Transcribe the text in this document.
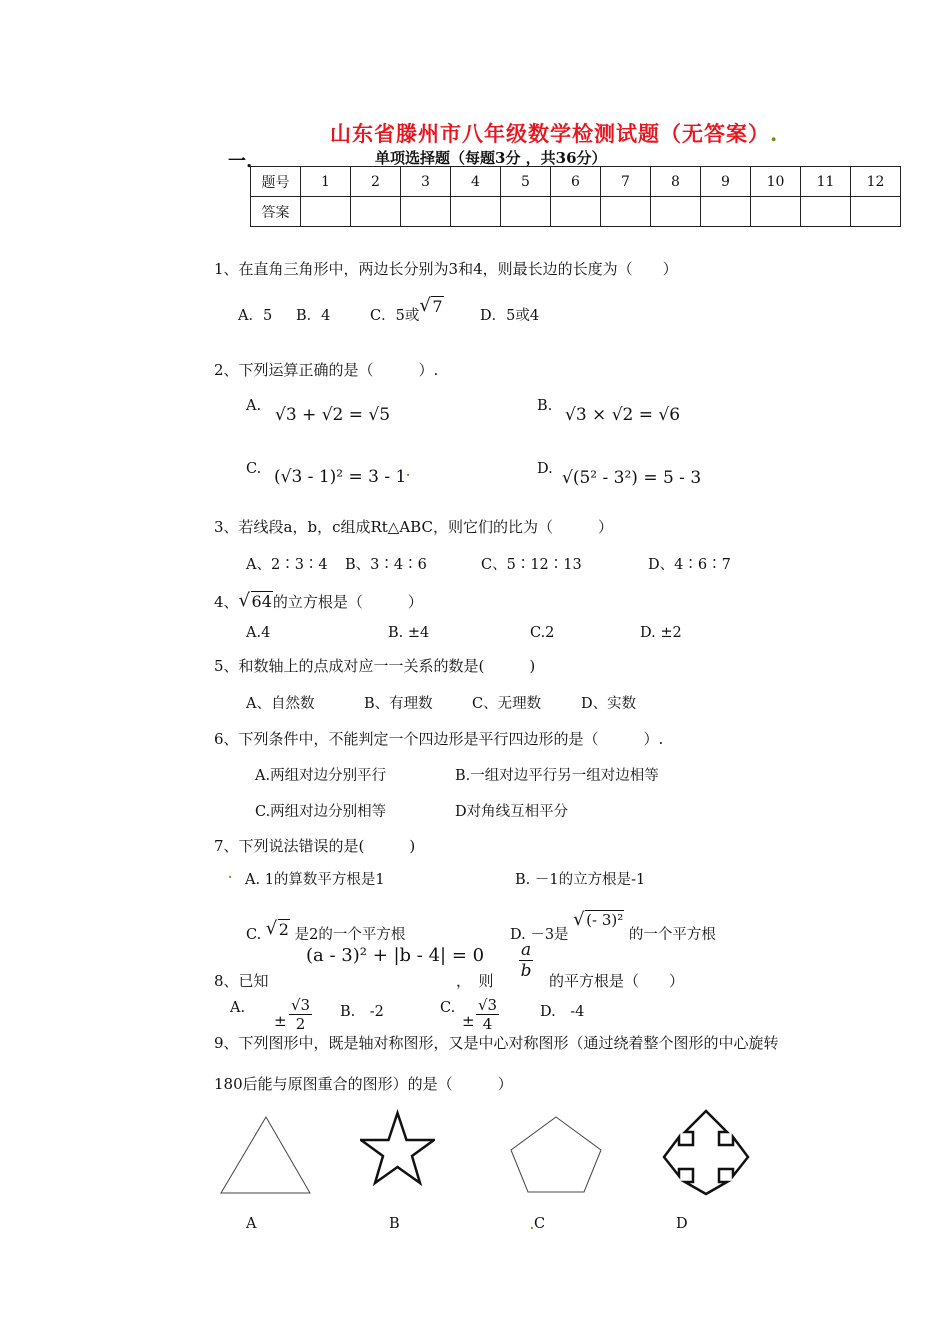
山东省滕州市八年级数学检测试题（无答案）.
一.	单项选择题（每题3分 ，共36分）
题号	1	2	3	4	5	6	7	8	9	10	11	12
答案												
1、在直角三角形中，两边长分别为3和4，则最长边的长度为（　　）
A．5 B．4	C．5或 √ 7	D．5或4
2、下列运算正确的是（　　　）.
A. √3 + √2 = √5	B. √3 × √2 = √6
C. (√3 - 1)² = 3 - 1 ·	D. √(5² - 3²) = 5 - 3
3、若线段a，b，c组成Rt△ABC，则它们的比为（　　　）
A、2∶3∶4 B、3∶4∶6	C、5∶12∶13	D、4∶6∶7
4、 √ 64的立方根是（　　　）
A.4	B. ±4	C.2	D. ±2
5、和数轴上的点成对应一一关系的数是(　　　)
A、自然数	B、有理数	C、无理数	D、实数
6、下列条件中，不能判定一个四边形是平行四边形的是（　　　）.
A.两组对边分别平行	B.一组对边平行另一组对边相等
C.两组对边分别相等	D对角线互相平分
7、下列说法错误的是(　　　)
· A. 1的算数平方根是1	B. －1的立方根是-1
C. √ 2 是2的一个平方根	D. －3是 √ (- 3)² 的一个平方根
(a - 3)² + |b - 4| = 0
8、已知	，　则 $\frac{a}{b}$ 的平方根是（　　）
A.
± $\frac{√3}{2} B$.　-2	C.
± $\frac{√3}{4}$	D.　-4
9、下列图形中，既是轴对称图形，又是中心对称图形（通过绕着整个图形的中心旋转
180后能与原图重合的图形）的是（　　　）
A	B	· C	D
